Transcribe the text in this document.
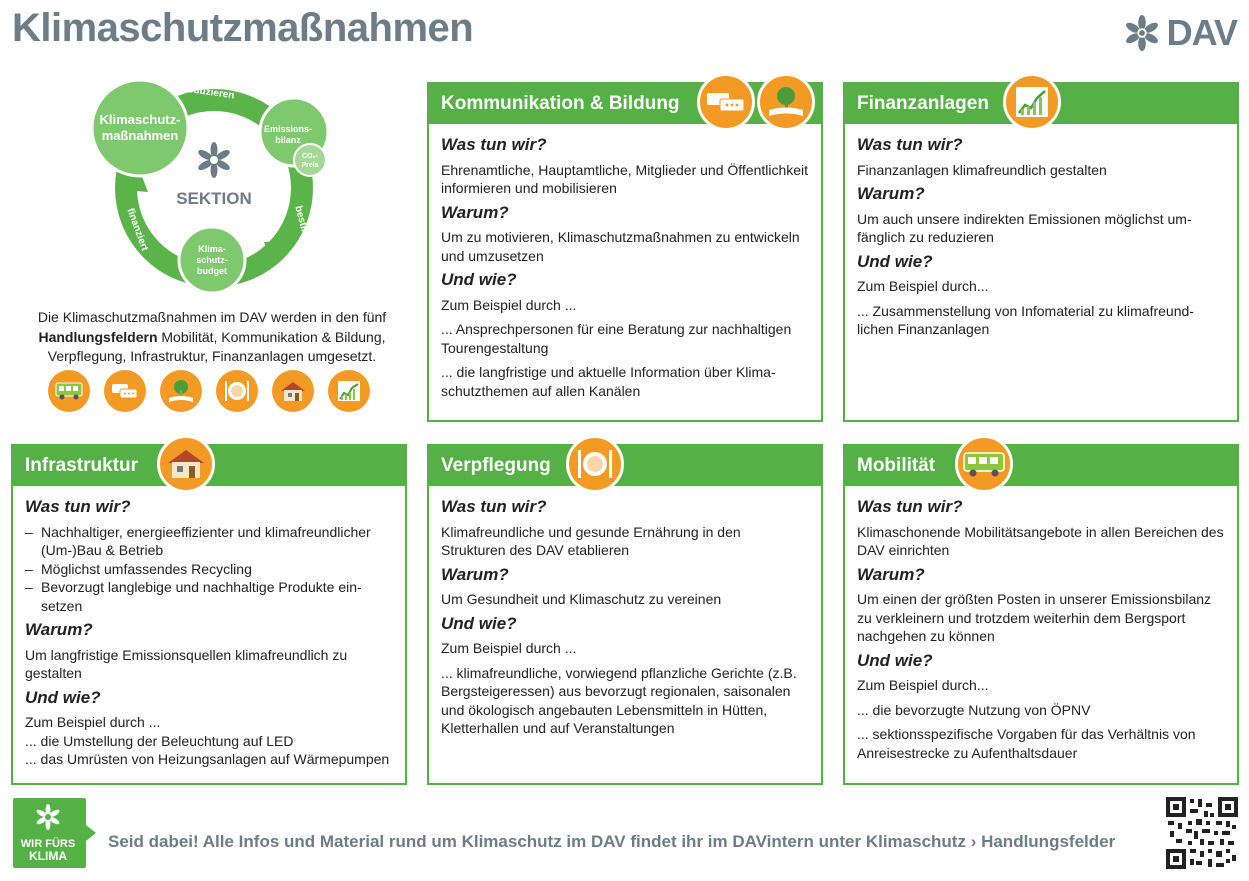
Klimaschutzmaßnahmen	DAV
reduzieren
bestimmt
finanziert
Klimaschutz-
maßnahmen	Emissions-
bilanz
CO₂-
Preis
Klima-
schutz-
budget
SEKTION
Die Klimaschutzmaßnahmen im DAV werden in den fünf
Handlungsfeldern Mobilität, Kommunikation & Bildung,
Verpflegung, Infrastruktur, Finanzanlagen umgesetzt.
Kommunikation & Bildung
Was tun wir?

Ehrenamtliche, Hauptamtliche, Mitglieder und Öffentlichkeit informieren und mobilisieren

Warum?

Um zu motivieren, Klimaschutzmaßnahmen zu entwickeln und umzusetzen

Und wie?

Zum Beispiel durch ...

... Ansprechpersonen für eine Beratung zur nachhaltigen Tourengestaltung

... die langfristige und aktuelle Information über Klimaschutzthemen auf allen Kanälen

Finanzanlagen
Was tun wir?

Finanzanlagen klimafreundlich gestalten

Warum?

Um auch unsere indirekten Emissionen möglichst umfänglich zu reduzieren

Und wie?

Zum Beispiel durch...

... Zusammenstellung von Infomaterial zu klimafreundlichen Finanzanlagen

Infrastruktur
Was tun wir?
– Nachhaltiger, energieeffizienter und klimafreundlicher (Um-)Bau & Betrieb
– Möglichst umfassendes Recycling
– Bevorzugt langlebige und nachhaltige Produkte einsetzen
Warum?

Um langfristige Emissionsquellen klimafreundlich zu gestalten

Und wie?

Zum Beispiel durch ...

... die Umstellung der Beleuchtung auf LED

... das Umrüsten von Heizungsanlagen auf Wärmepumpen

Verpflegung
Was tun wir?

Klimafreundliche und gesunde Ernährung in den Strukturen des DAV etablieren

Warum?

Um Gesundheit und Klimaschutz zu vereinen

Und wie?

Zum Beispiel durch ...

... klimafreundliche, vorwiegend pflanzliche Gerichte (z.B. Bergsteigeressen) aus bevorzugt regionalen, saisonalen und ökologisch angebauten Lebensmitteln in Hütten, Kletterhallen und auf Veranstaltungen

Mobilität
Was tun wir?

Klimaschonende Mobilitätsangebote in allen Bereichen des DAV einrichten

Warum?

Um einen der größten Posten in unserer Emissionsbilanz zu verkleinern und trotzdem weiterhin dem Bergsport nachgehen zu können

Und wie?

Zum Beispiel durch...

... die bevorzugte Nutzung von ÖPNV

... sektionsspezifische Vorgaben für das Verhältnis von Anreisestrecke zu Aufenthaltsdauer

WIR FÜRS
KLIMA
Seid dabei! Alle Infos und Material rund um Klimaschutz im DAV findet ihr im DAVintern unter Klimaschutz › Handlungsfelder
